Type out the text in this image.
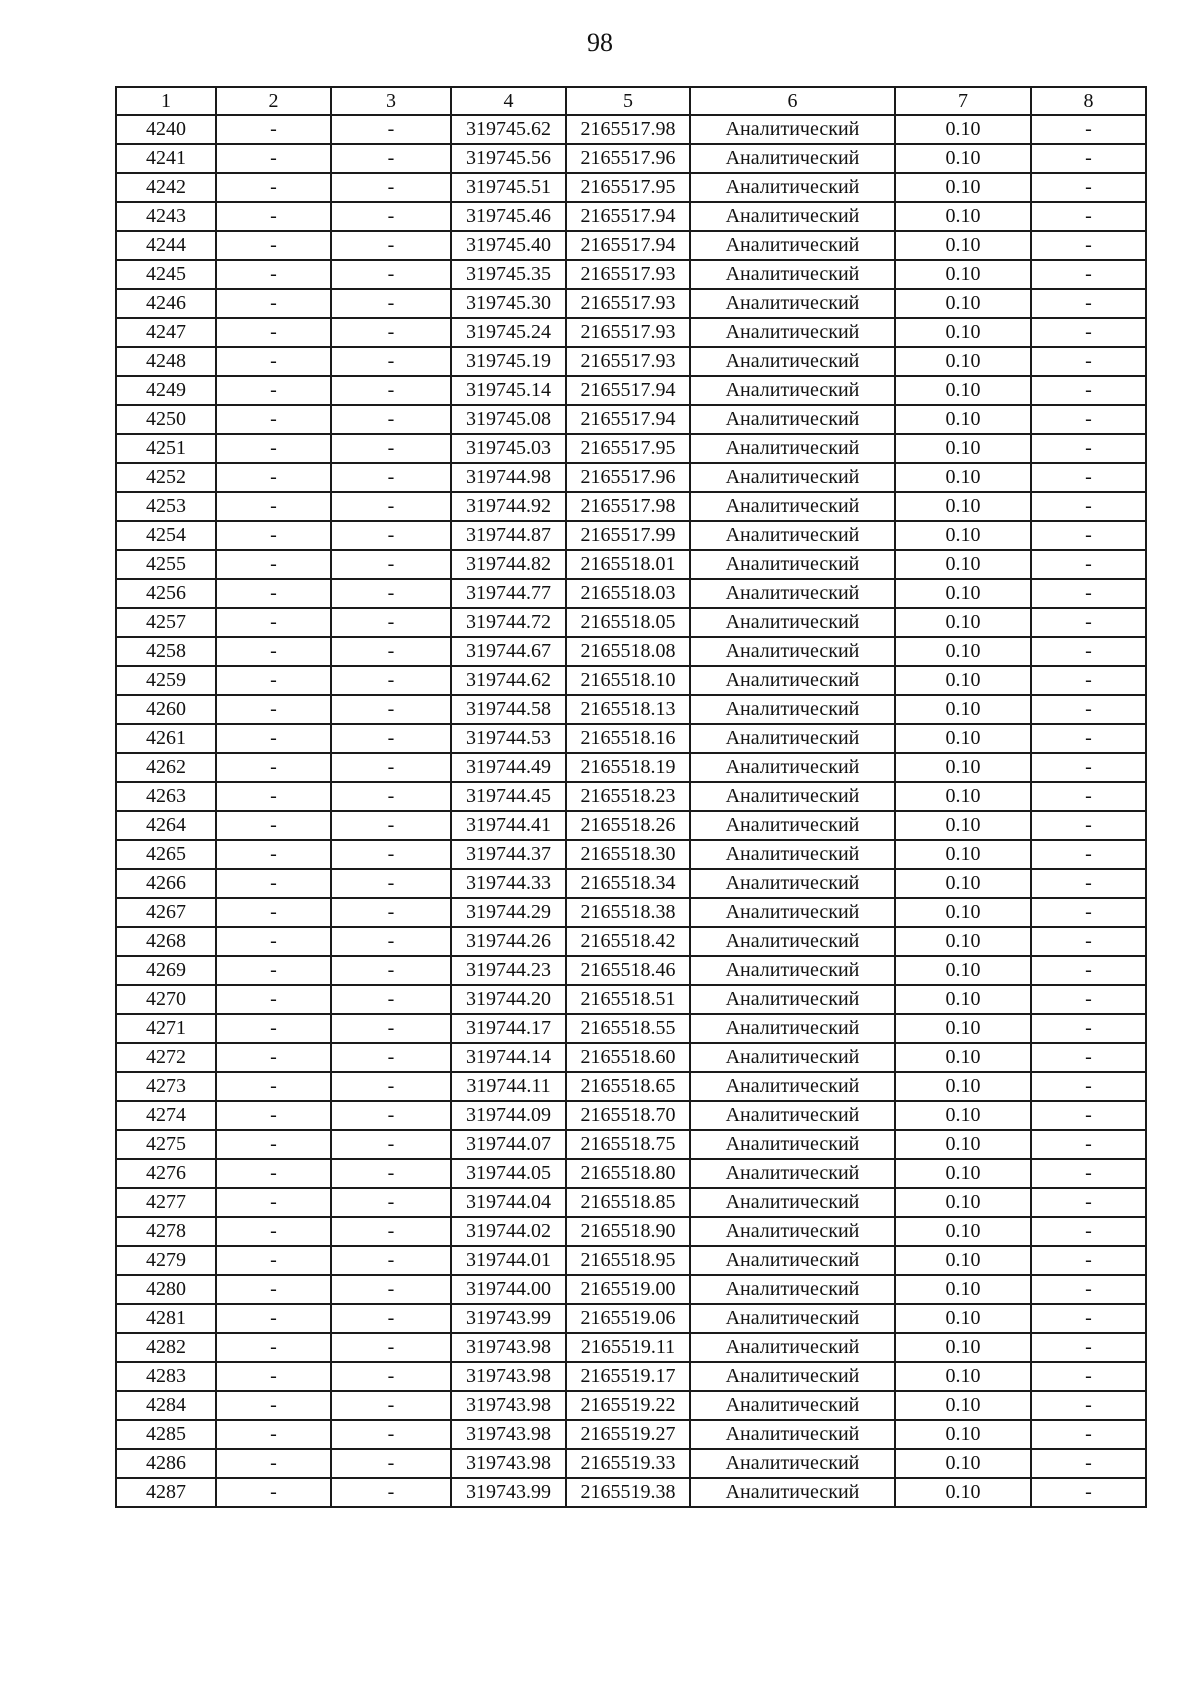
98
1	2	3	4	5	6	7	8
4240	-	-	319745.62	2165517.98	Аналитический	0.10	-
4241	-	-	319745.56	2165517.96	Аналитический	0.10	-
4242	-	-	319745.51	2165517.95	Аналитический	0.10	-
4243	-	-	319745.46	2165517.94	Аналитический	0.10	-
4244	-	-	319745.40	2165517.94	Аналитический	0.10	-
4245	-	-	319745.35	2165517.93	Аналитический	0.10	-
4246	-	-	319745.30	2165517.93	Аналитический	0.10	-
4247	-	-	319745.24	2165517.93	Аналитический	0.10	-
4248	-	-	319745.19	2165517.93	Аналитический	0.10	-
4249	-	-	319745.14	2165517.94	Аналитический	0.10	-
4250	-	-	319745.08	2165517.94	Аналитический	0.10	-
4251	-	-	319745.03	2165517.95	Аналитический	0.10	-
4252	-	-	319744.98	2165517.96	Аналитический	0.10	-
4253	-	-	319744.92	2165517.98	Аналитический	0.10	-
4254	-	-	319744.87	2165517.99	Аналитический	0.10	-
4255	-	-	319744.82	2165518.01	Аналитический	0.10	-
4256	-	-	319744.77	2165518.03	Аналитический	0.10	-
4257	-	-	319744.72	2165518.05	Аналитический	0.10	-
4258	-	-	319744.67	2165518.08	Аналитический	0.10	-
4259	-	-	319744.62	2165518.10	Аналитический	0.10	-
4260	-	-	319744.58	2165518.13	Аналитический	0.10	-
4261	-	-	319744.53	2165518.16	Аналитический	0.10	-
4262	-	-	319744.49	2165518.19	Аналитический	0.10	-
4263	-	-	319744.45	2165518.23	Аналитический	0.10	-
4264	-	-	319744.41	2165518.26	Аналитический	0.10	-
4265	-	-	319744.37	2165518.30	Аналитический	0.10	-
4266	-	-	319744.33	2165518.34	Аналитический	0.10	-
4267	-	-	319744.29	2165518.38	Аналитический	0.10	-
4268	-	-	319744.26	2165518.42	Аналитический	0.10	-
4269	-	-	319744.23	2165518.46	Аналитический	0.10	-
4270	-	-	319744.20	2165518.51	Аналитический	0.10	-
4271	-	-	319744.17	2165518.55	Аналитический	0.10	-
4272	-	-	319744.14	2165518.60	Аналитический	0.10	-
4273	-	-	319744.11	2165518.65	Аналитический	0.10	-
4274	-	-	319744.09	2165518.70	Аналитический	0.10	-
4275	-	-	319744.07	2165518.75	Аналитический	0.10	-
4276	-	-	319744.05	2165518.80	Аналитический	0.10	-
4277	-	-	319744.04	2165518.85	Аналитический	0.10	-
4278	-	-	319744.02	2165518.90	Аналитический	0.10	-
4279	-	-	319744.01	2165518.95	Аналитический	0.10	-
4280	-	-	319744.00	2165519.00	Аналитический	0.10	-
4281	-	-	319743.99	2165519.06	Аналитический	0.10	-
4282	-	-	319743.98	2165519.11	Аналитический	0.10	-
4283	-	-	319743.98	2165519.17	Аналитический	0.10	-
4284	-	-	319743.98	2165519.22	Аналитический	0.10	-
4285	-	-	319743.98	2165519.27	Аналитический	0.10	-
4286	-	-	319743.98	2165519.33	Аналитический	0.10	-
4287	-	-	319743.99	2165519.38	Аналитический	0.10	-
